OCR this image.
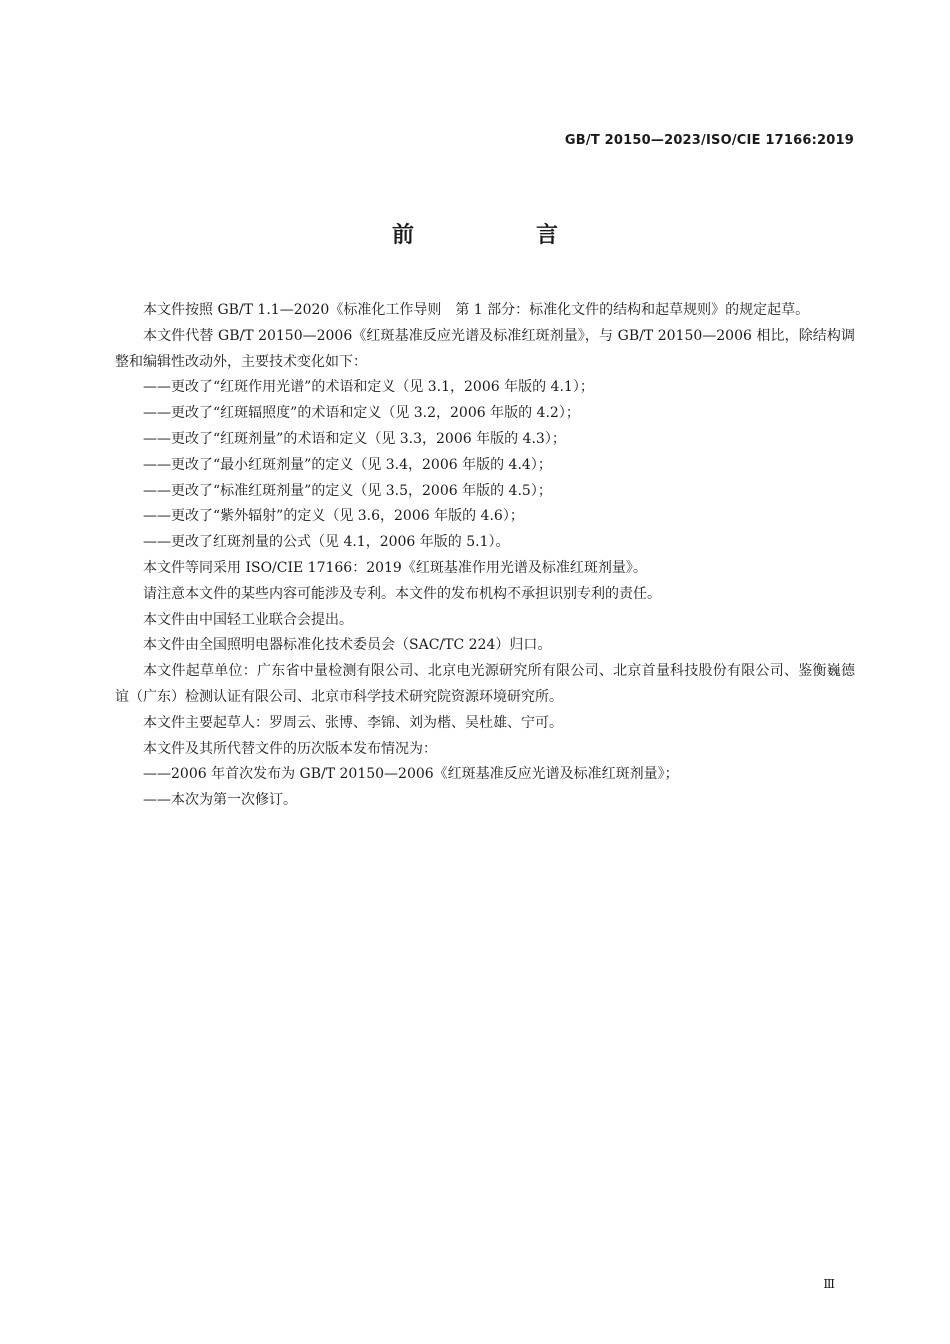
GB/T 20150—2023/ISO/CIE 17166:2019
前　言

本文件按照 GB/T 1.1—2020《标准化工作导则　第 1 部分：标准化文件的结构和起草规则》的规定起草。

本文件代替 GB/T 20150—2006《红斑基准反应光谱及标准红斑剂量》，与 GB/T 20150—2006 相比，除结构调整和编辑性改动外，主要技术变化如下：

——更改了“红斑作用光谱”的术语和定义（见 3.1，2006 年版的 4.1）；

——更改了“红斑辐照度”的术语和定义（见 3.2，2006 年版的 4.2）；

——更改了“红斑剂量”的术语和定义（见 3.3，2006 年版的 4.3）；

——更改了“最小红斑剂量”的定义（见 3.4，2006 年版的 4.4）；

——更改了“标准红斑剂量”的定义（见 3.5，2006 年版的 4.5）；

——更改了“紫外辐射”的定义（见 3.6，2006 年版的 4.6）；

——更改了红斑剂量的公式（见 4.1，2006 年版的 5.1）。

本文件等同采用 ISO/CIE 17166：2019《红斑基准作用光谱及标准红斑剂量》。

请注意本文件的某些内容可能涉及专利。本文件的发布机构不承担识别专利的责任。

本文件由中国轻工业联合会提出。

本文件由全国照明电器标准化技术委员会（SAC/TC 224）归口。

本文件起草单位：广东省中量检测有限公司、北京电光源研究所有限公司、北京首量科技股份有限公司、鉴衡巍德谊（广东）检测认证有限公司、北京市科学技术研究院资源环境研究所。

本文件主要起草人：罗周云、张博、李锦、刘为楷、吴杜雄、宁可。

本文件及其所代替文件的历次版本发布情况为：

——2006 年首次发布为 GB/T 20150—2006《红斑基准反应光谱及标准红斑剂量》；

——本次为第一次修订。

Ⅲ
